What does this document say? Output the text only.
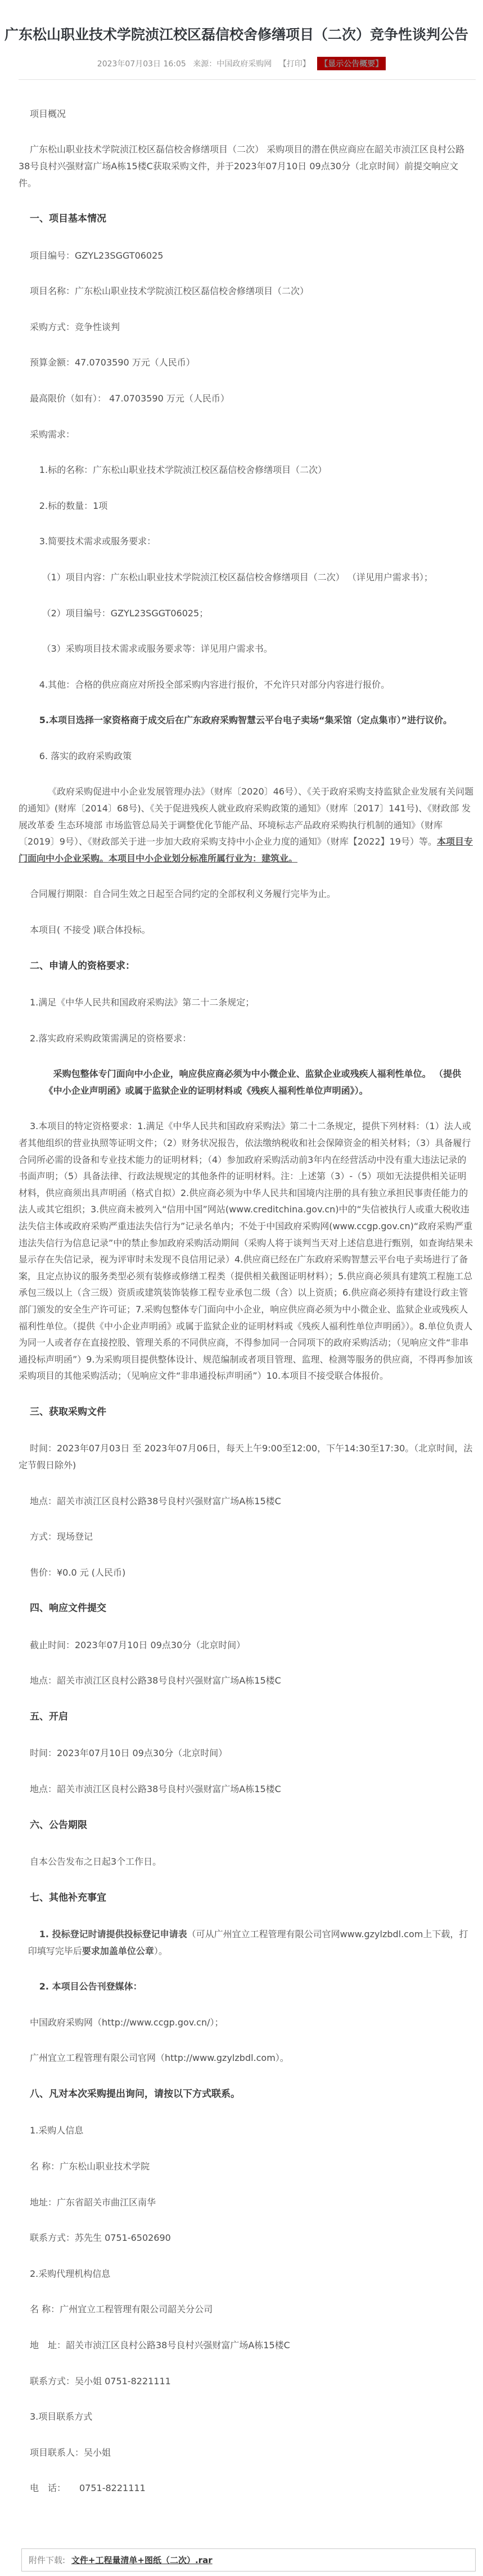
广东松山职业技术学院浈江校区磊信校舍修缮项目（二次）竞争性谈判公告
2023年07月03日 16:05 来源：中国政府采购网 【打印】 【显示公告概要】

项目概况

广东松山职业技术学院浈江校区磊信校舍修缮项目（二次） 采购项目的潜在供应商应在韶关市浈江区良村公路38号良村兴强财富广场A栋15楼C获取采购文件，并于2023年07月10日 09点30分（北京时间）前提交响应文件。

一、项目基本情况

项目编号：GZYL23SGGT06025

项目名称：广东松山职业技术学院浈江校区磊信校舍修缮项目（二次）

采购方式：竞争性谈判

预算金额：47.0703590 万元（人民币）

最高限价（如有）： 47.0703590 万元（人民币）

采购需求：

1.标的名称：广东松山职业技术学院浈江校区磊信校舍修缮项目（二次）

2.标的数量：1项

3.简要技术需求或服务要求：

（1）项目内容：广东松山职业技术学院浈江校区磊信校舍修缮项目（二次） （详见用户需求书）；

（2）项目编号：GZYL23SGGT06025；

（3）采购项目技术需求或服务要求等：详见用户需求书。

4.其他：合格的供应商应对所投全部采购内容进行报价，不允许只对部分内容进行报价。

5.本项目选择一家资格商于成交后在广东政府采购智慧云平台电子卖场“集采馆（定点集市）”进行议价。

6. 落实的政府采购政策

《政府采购促进中小企业发展管理办法》（财库〔2020〕46号）、《关于政府采购支持监狱企业发展有关问题的通知》(财库〔2014〕68号)、《关于促进残疾人就业政府采购政策的通知》（财库〔2017〕141号)、《财政部 发展改革委 生态环境部 市场监管总局关于调整优化节能产品、环境标志产品政府采购执行机制的通知》（财库〔2019〕9号）、《财政部关于进一步加大政府采购支持中小企业力度的通知》（财库【2022】19号）等。本项目专门面向中小企业采购。本项目中小企业划分标准所属行业为：建筑业。

合同履行期限：自合同生效之日起至合同约定的全部权利义务履行完毕为止。

本项目( 不接受 )联合体投标。

二、申请人的资格要求：

1.满足《中华人民共和国政府采购法》第二十二条规定；

2.落实政府采购政策需满足的资格要求：

采购包整体专门面向中小企业，响应供应商必须为中小微企业、监狱企业或残疾人福利性单位。 （提供《中小企业声明函》或属于监狱企业的证明材料或《残疾人福利性单位声明函》）。

3.本项目的特定资格要求：1.满足《中华人民共和国政府采购法》第二十二条规定，提供下列材料：（1）法人或者其他组织的营业执照等证明文件；（2）财务状况报告，依法缴纳税收和社会保障资金的相关材料；（3）具备履行合同所必需的设备和专业技术能力的证明材料；（4）参加政府采购活动前3年内在经营活动中没有重大违法记录的书面声明；（5）具备法律、行政法规规定的其他条件的证明材料。注：上述第（3）-（5）项如无法提供相关证明材料，供应商须出具声明函（格式自拟）2.供应商必须为中华人民共和国境内注册的具有独立承担民事责任能力的法人或其它组织；3.供应商未被列入“信用中国”网站(www.creditchina.gov.cn)中的“失信被执行人或重大税收违法失信主体或政府采购严重违法失信行为”记录名单内；不处于中国政府采购网(www.ccgp.gov.cn)“政府采购严重违法失信行为信息记录”中的禁止参加政府采购活动期间（采购人将于谈判当天对上述信息进行甄别，如查询结果未显示存在失信记录，视为评审时未发现不良信用记录）4.供应商已经在广东政府采购智慧云平台电子卖场进行了备案，且定点协议的服务类型必须有装修或修缮工程类（提供相关截图证明材料）；5.供应商必须具有建筑工程施工总承包三级以上（含三级）资质或建筑装饰装修工程专业承包二级（含）以上资质；6.供应商必须持有建设行政主管部门颁发的安全生产许可证；7.采购包整体专门面向中小企业，响应供应商必须为中小微企业、监狱企业或残疾人福利性单位。（提供《中小企业声明函》或属于监狱企业的证明材料或《残疾人福利性单位声明函》）。8.单位负责人为同一人或者存在直接控股、管理关系的不同供应商，不得参加同一合同项下的政府采购活动；（见响应文件“非串通投标声明函”）9.为采购项目提供整体设计、规范编制或者项目管理、监理、检测等服务的供应商，不得再参加该采购项目的其他采购活动；（见响应文件“非串通投标声明函”）10.本项目不接受联合体报价。

三、获取采购文件

时间：2023年07月03日 至 2023年07月06日，每天上午9:00至12:00，下午14:30至17:30。（北京时间，法定节假日除外)

地点：韶关市浈江区良村公路38号良村兴强财富广场A栋15楼C

方式：现场登记

售价：¥0.0 元 (人民币)

四、响应文件提交

截止时间：2023年07月10日 09点30分（北京时间）

地点：韶关市浈江区良村公路38号良村兴强财富广场A栋15楼C

五、开启

时间：2023年07月10日 09点30分（北京时间）

地点：韶关市浈江区良村公路38号良村兴强财富广场A栋15楼C

六、公告期限

自本公告发布之日起3个工作日。

七、其他补充事宜

1. 投标登记时请提供投标登记申请表（可从广州宜立工程管理有限公司官网www.gzylzbdl.com上下载，打印填写完毕后要求加盖单位公章）。

2. 本项目公告刊登媒体：

中国政府采购网（http://www.ccgp.gov.cn/）；

广州宜立工程管理有限公司官网（http://www.gzylzbdl.com）。

八、凡对本次采购提出询问，请按以下方式联系。

1.采购人信息

名 称：广东松山职业技术学院

地址：广东省韶关市曲江区南华

联系方式：苏先生 0751-6502690

2.采购代理机构信息

名 称：广州宜立工程管理有限公司韶关分公司

地　址：韶关市浈江区良村公路38号良村兴强财富广场A栋15楼C

联系方式：吴小姐 0751-8221111

3.项目联系方式

项目联系人：吴小姐

电　话：　　0751-8221111

附件下载: 文件+工程量清单+图纸（二次）.rar
